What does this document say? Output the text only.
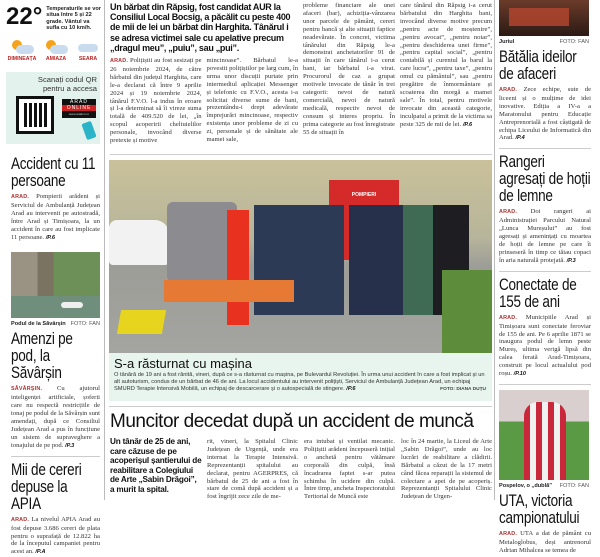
22° Temperaturile se vor situa între 5 și 22 grade. Vântul va sufla cu 10 km/h.
DIMINEAȚA	AMIAZA	SEARA
Scanați codul QR pentru a accesa
ARAD
ONLINE
www.aradon.ro
Accident cu 11 persoane

ARAD. Pompierii arădeni și Serviciul de Ambulanță Județean Arad au intervenit pe autostradă, între Arad și Timișoara, la un accident în care au fost implicate 11 persoane. /P.6

Podul de la Săvârșin FOTO: FAN
Amenzi pe pod, la Săvârșin

SĂVÂRȘIN. Cu ajutorul inteligenței artificiale, șoferii care nu respectă restricțiile de tonaj pe podul de la Săvârșin sunt amendați, după ce Consiliul Județean Arad a pus în funcțiune un sistem de supraveghere a tonajului de pe pod. /P.3

Mii de cereri depuse la APIA

ARAD. La nivelul APIA Arad au fost depuse 3.686 cereri de plata pentru o suprafață de 12.822 ha de la începutul campaniei pentru acest an. /P.A

Un bărbat din Răpsig, fost candidat AUR la Consiliul Local Bocsig, a păcălit cu peste 400 de mii de lei un bărbat din Harghita. Tânărul i se adresa victimei sale cu apelative precum „dragul meu”, „puiu”, sau „pui”.

ARAD. Polițiștii au fost sesizați pe 26 noiembrie 2024, de către bărbatul din județul Harghita, care le-a declarat că între 9 aprilie 2024 și 19 noiembrie 2024, tânărul F.V.O. l-a indus în eroare și l-a determinat să îi vireze suma totală de 409.520 de lei, „în scopul acoperirii cheltuielilor personale, invocând diverse pretexte și motive

mincinoase”. Bărbatul le-a povestit polițiștilor pe larg cum, în urma unor discuții purtate prin intermediul aplicației Messenger și telefonic cu F.V.O., acesta i-a solicitat diverse sume de bani, prezentându-i drept adevărate împrejurări mincinoase, respectiv existența unor probleme de zi cu zi, personale și de sănătate ale mamei sale,

probleme financiare ale unei afaceri (bar), achiziția-vânzarea unor parcele de pământ, cereri pentru bancă și alte situații faptice neadevărate. În concret, victima tânărului din Răpsig le-a demonstrat anchetatorilor 91 de situații în care tânărul i-a cerut bani, iar bărbatul i-a virat. Procurorul de caz a grupat motivele invocate de tânăr în trei categorii: nevoi de natură comercială, nevoi de natură medicală, respectiv nevoi de consum și interes propriu. În prima categorie au fost înregistrate 55 de situații în

care tânărul din Răpsig i-a cerut bărbatului din Harghita bani, invocând diverse motive precum „pentru acte de moștenire”, „pentru avocat”, „pentru notar”, „pentru deschiderea unei firme”, „pentru capital social”, „pentru contabilă și curentul la barul la care lucra”, „pentru taxe”, „pentru omul cu pământul”, sau „pentru pregătire de înmormântare și scoaterea din morgă a mamei sale”. În total, pentru motivele invocate din această categorie, inculpatul a primit de la victima sa peste 325 de mii de lei. /P.6

POMPIERI
S-a răsturnat cu mașina

O tânără de 19 ani a fost rănită, vineri, după ce s-a răsturnat cu mașina, pe Bulevardul Revoluției. În urma unui accident în care a fost implicat și un alt autoturism, condus de un bărbat de 46 de ani. La locul accidentului au intervenit polițiști, Serviciul de Ambulanță Județean Arad, un echipaj SMURD Terapie Intensivă Mobilă, un echipaj de descarcerare și o autospecială de stingere. /P.6	FOTO: DIANA DUȚU

Muncitor decedat după un accident de muncă
Un tânăr de 25 de ani, care căzuse de pe acoperișul șantierului de reabilitare a Colegiului de Arte „Sabin Drăgoi”, a murit la spital.

rit, vineri, la Spitalul Clinic Județean de Urgență, unde era internat la Terapie Intensivă. Reprezentanții spitalului au declarat, pentru AGERPRES, că bărbatul de 25 de ani a fost în stare de comă după accident și a fost îngrijit zece zile de me-

era intubat și ventilat mecanic. Polițiștii arădeni începuseră inițial o anchetă pentru vătămare corporală din culpă, însă încadrarea faptei s-ar putea schimba în ucidere din culpă. Între timp, ancheta Inspectoratului Teritorial de Muncă este

loc în 24 martie, la Liceul de Arte „Sabin Drăgoi”, unde au loc lucrări de reabilitare a clădirii. Bărbatul a căzut de la 17 metri când făcea reparații la sistemul de colectare a apei de pe acoperiș. Reprezentanții Spitalului Clinic Județean de Urgen-

Juriul	FOTO: FAN
Bătălia ideilor de afaceri

ARAD. Zece echipe, sute de liceeni și o mulțime de idei inovative. Ediția a IV-a a Maratonului pentru Educație Antreprenorială a fost câștigată de echipa Liceului de Informatică din Arad. /P.4

Rangeri agresați de hoții de lemne

ARAD. Doi rangeri ai Administrației Parcului Natural „Lunca Mureșului” au fost agresați și amenințați cu moartea de hoții de lemne pe care îi prinseseră în timp ce tăiau copaci în aria naturală protejată. /P.3

Conectate de 155 de ani

ARAD. Municipiile Arad și Timișoara sunt conectate feroviar de 155 de ani. Pe 6 aprilie 1871 se inaugura podul de lemn peste Mureș, ultima verigă lipsă din calea ferată Arad-Timișoara, construit pe locul actualului pod roșu. /P.10

Pospelov, o „dublă” FOTO: FAN
UTA, victoria campionatului

ARAD. UTA a dat de pământ cu Metaloglobus, deși antrenorul Adrian Mihalcea se temea de
